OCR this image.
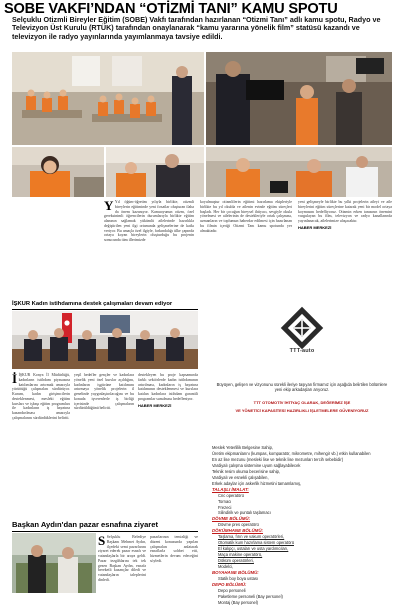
SOBE VAKFI’NDAN “OTİZMİ TANI” KAMU SPOTU
Selçuklu Otizmli Bireyler Eğitim (SOBE) Vakfı tarafından hazırlanan “Otizmi Tanı” adlı kamu spotu, Radyo ve Televizyon Üst Kurulu (RTÜK) tarafından onaylanarak “kamu yararına yönelik film” statüsü kazandı ve televizyon ile radyo yayınlarında yayımlanmaya tavsiye edildi.

Y Yıl öğüm-öğretim yılıyla birlikte, otizmli bireylerin eğitiminde yeni fırsatlar oluşturan ilaha da önem kazanıyor. Kamuoyunun otizm, özel gereksinimli öğrencilerin durumlarıyla birlikte eğitim alanının sağlamak yükümlü ailelerinde hazırlıkla değiştirilen yeni ilgi ortamında gelişmelerine de katkı veriyor. Bu amaçla özel ilgiyle, farkındalığı ülke çapında ortaya koyan bireylerin oluşturduğu bu projenin sonucunda tüm illerimizde

koyulmuştur otizmlilerin eğitimi hazırlama ekipleriyle birlikte bu yıl okulda ve ailenin evinde eğitim süreçleri başladı. Her bir çocuğun bireysel ihtiyacı, sevgiyle okula yönelmesi ve ailelerinin de destekleriyle ortak çalışması, uzmanların ve toplumun haberdar edilmesi için hazırlanan bu filmin içeriği Otizmi Tanı kamu spotunda yer almaktadır.

yeni gelişmeyle birlikte bu yılki projelerin aileyi ve aile bireylerini eğitim süreçlerine katarak yeni bir model ortaya koymasını hedefliyoruz. Otizmin erken tanısının önemini vurgulayan bu film, televizyon ve radyo kanallarında yayınlanacak, ailelerimize ulaşacaktır.

HABER MERKEZİ
İŞKUR Kadın istihdamına destek çalışmaları devam ediyor

İİŞKUR Konya İl Müdürlüğü, kadınların istihdam piyasasına katılımlarını artırmak amacıyla yürüttüğü çalışmaları sürdürüyor. Kurum, kadın girişimcilerin desteklenmesi, mesleki eğitim kursları ve işbaşı eğitim programları ile kadınların iş hayatına kazandırılması amacıyla çalışmalarını sürdürdüklerini belirtti.

yeşil hedefler gençler ve kadınlara yönelik yeni özel kurslar açıldığını, kadınların işgücüne katılımını artırmaya yönelik projelerin il genelinde yaygınlaştırılacağını ve bu konuda işverenlerle iş birliği içerisinde çalışmaların sürdürüldüğünü belirtti.

destekleyen bu proje kapsamında farklı sektörlerde kadın istihdamının artırılması, kadınların iş hayatına katılımının desteklenmesi ve kurslara katılan kadınlara istihdam garantili programlar sunulması hedefleniyor.

HABER MERKEZİ
Başkan Aydın'dan pazar esnafına ziyaret

S Selçuklu Belediye Başkanı Mehmet Aydın, ilçedeki semt pazarlarını ziyaret ederek pazar esnafı ve vatandaşlarla bir araya geldi. Pazar tezgâhlarını tek tek gezen Başkan Aydın, esnafa bereketli kazançlar diledi ve vatandaşların taleplerini dinledi.

pazarlarının temizliği ve düzeni konusunda yapılan çalışmaları anlatarak esnaflarla sohbet etti, hizmetlerin devam edeceğini söyledi.

TTT-auto
Büyüyen, gelişen ve vizyonunu sürekli ileriye taşıyan firmamız için aşağıda belirtilen bölümlere yeni ekip arkadaşları arıyoruz.
TTT OTOMOTİV İHTİYAÇ OLARAK, DEĞERİMİZ İŞE
VE YÖNETİCİ KAPASİTESİ HAZIRLIKLI İŞLETMELERE GÜVENİYORUZ
Meslek Yeterlilik Belgesine Sahip,
Üretim ekipmanlarını (kumpas, komparatör, mikrometre, mihengir vb.) etkin kullanabilen
En az lise mezunu (mesleki lise ve teknik lise mezunları tercih sebebidir)
Vardiyalı çalışma sistemine uyum sağlayabilecek
Teknik resim okuma becerisine sahip,
Vardiyalı ve esnekli çalışabilen,
Erkek adaylar için askerlik hizmetini tamamlamış,
TALAŞLI İMALAT:
Cnc operatörü
Tornacı
Frezeci
Silindirik ve puntalı taşlamacı
DÖVME BÖLÜMÜ:
Dövme pres operatörü
DÖKÜMHANE BÖLÜMÜ:
Taşlama, fırın ve vakum operatörleri,
Otomatik kum hazırlama sistem operatörü
El kalıpçı, ustaları ve usta yardımcıları,
Maça makine operatörü,
Döküm operatörleri,
Modelci,
BOYAHANE BÖLÜMÜ:
Statik boy boya ustası
DEPO BÖLÜMÜ:
Depo personeli
Paketleme personeli (Bay personel)
Montaj (Bay personel)
